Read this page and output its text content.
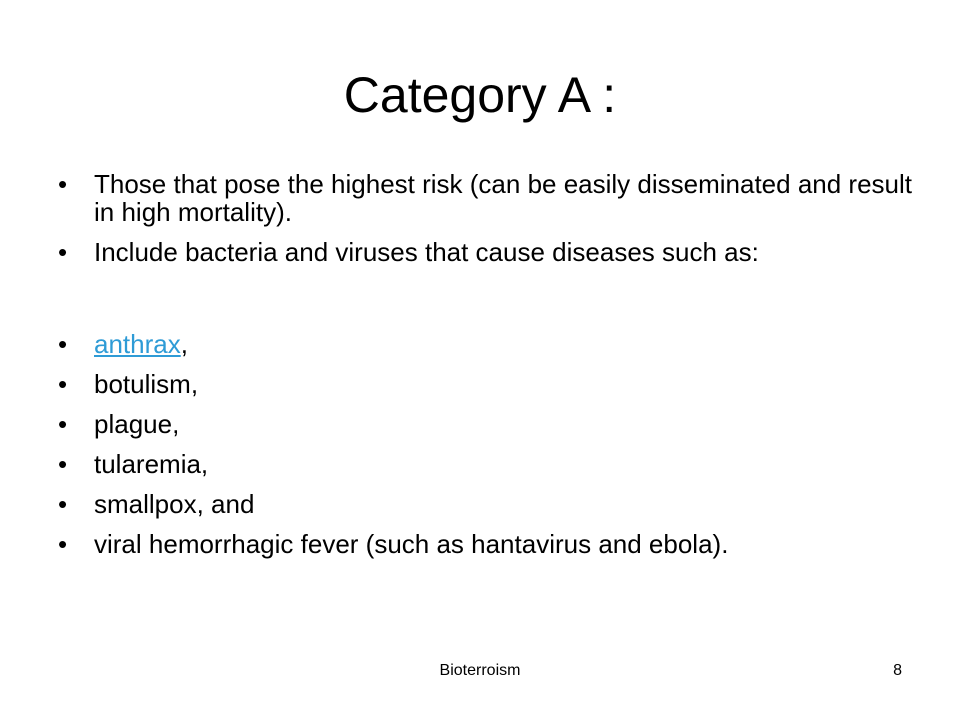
Category A :
• Those that pose the highest risk (can be easily disseminated and result in high mortality).
• Include bacteria and viruses that cause diseases such as:
• anthrax,
• botulism,
• plague,
• tularemia,
• smallpox, and
• viral hemorrhagic fever (such as hantavirus and ebola).
Bioterroism	8
